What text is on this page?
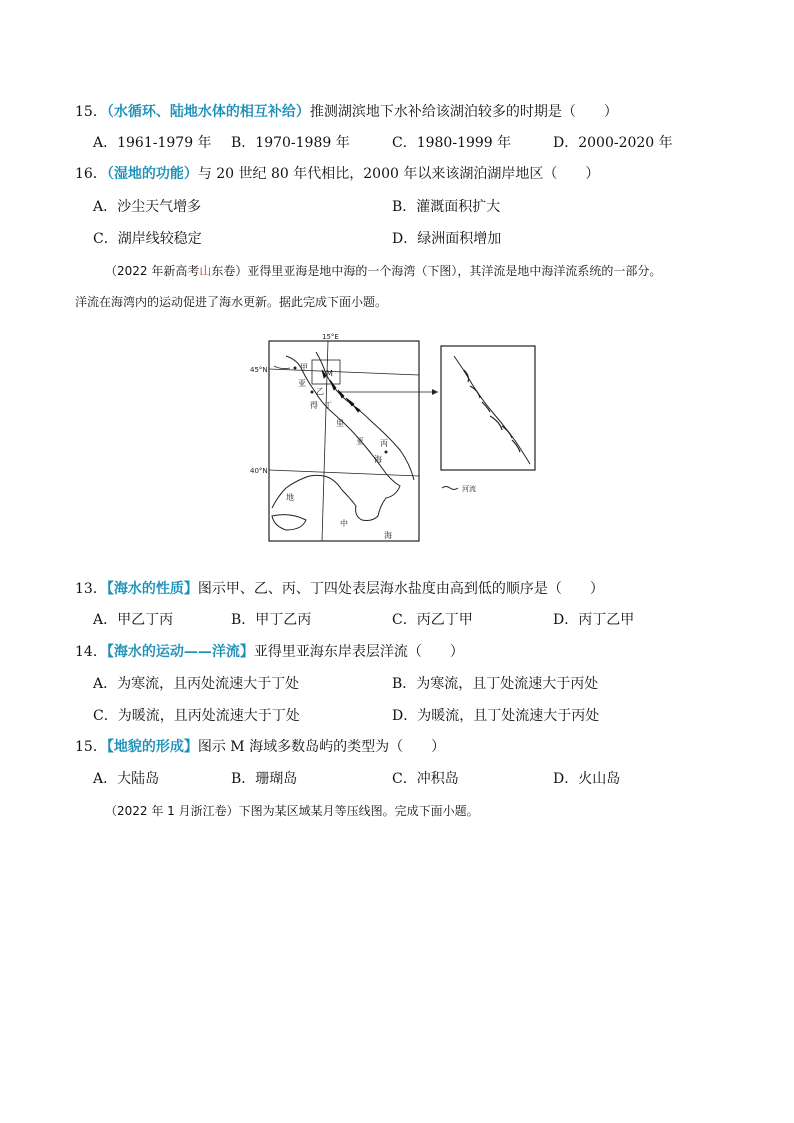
15．（水循环、陆地水体的相互补给）推测湖滨地下水补给该湖泊较多的时期是（　　）
A．1961-1979 年 B．1970-1989 年	C．1980-1999 年	D．2000-2020 年
16．（湿地的功能）与 20 世纪 80 年代相比，2000 年以来该湖泊湖岸地区（　　）
A．沙尘天气增多	B．灌溉面积扩大
C．湖岸线较稳定	D．绿洲面积增加
（2022 年新高考山东卷）亚得里亚海是地中海的一个海湾（下图），其洋流是地中海洋流系统的一部分。
洋流在海湾内的运动促进了海水更新。据此完成下面小题。
河流
15°E
45°N
40°N
甲
乙
M
亚
得 丁
里
亚 丙
海
地
中
海
13．【海水的性质】图示甲、乙、丙、丁四处表层海水盐度由高到低的顺序是（　　）
A．甲乙丁丙	B．甲丁乙丙	C．丙乙丁甲	D．丙丁乙甲
14．【海水的运动——洋流】亚得里亚海东岸表层洋流（　　）
A．为寒流，且丙处流速大于丁处	B．为寒流，且丁处流速大于丙处
C．为暖流，且丙处流速大于丁处	D．为暖流，且丁处流速大于丙处
15．【地貌的形成】图示 M 海域多数岛屿的类型为（　　）
A．大陆岛	B．珊瑚岛	C．冲积岛	D．火山岛
（2022 年 1 月浙江卷）下图为某区域某月等压线图。完成下面小题。
